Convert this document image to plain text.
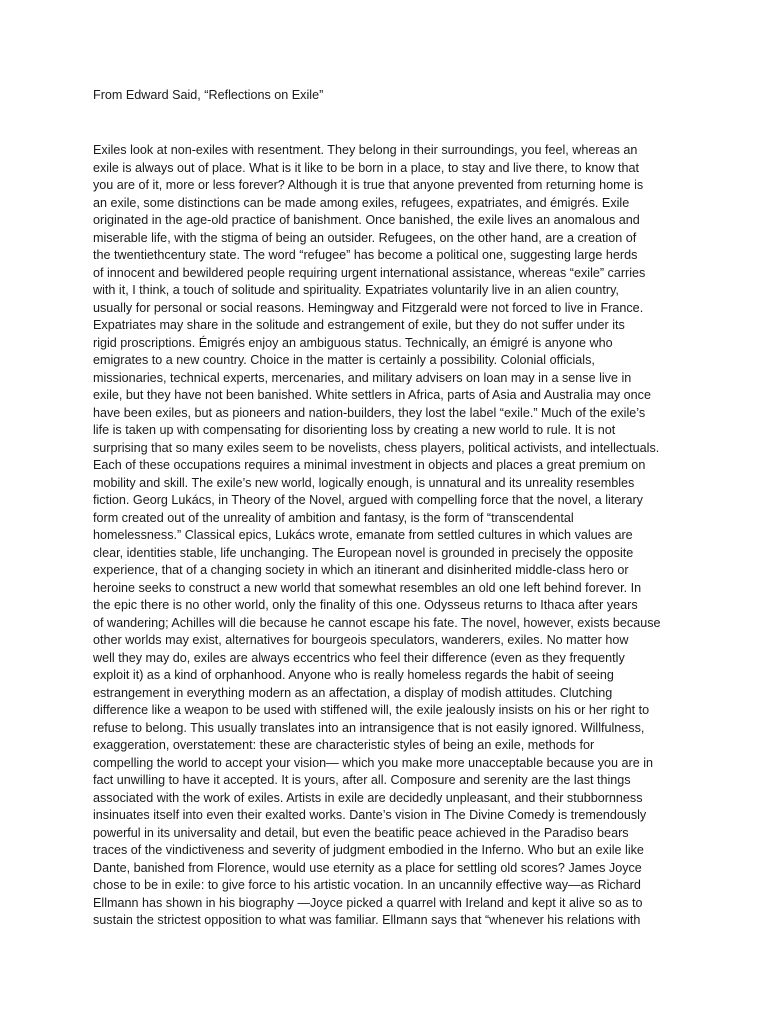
From Edward Said, “Reflections on Exile”

Exiles look at non-exiles with resentment. They belong in their surroundings, you feel, whereas an
exile is always out of place. What is it like to be born in a place, to stay and live there, to know that
you are of it, more or less forever? Although it is true that anyone prevented from returning home is
an exile, some distinctions can be made among exiles, refugees, expatriates, and émigrés. Exile
originated in the age-old practice of banishment. Once banished, the exile lives an anomalous and
miserable life, with the stigma of being an outsider. Refugees, on the other hand, are a creation of
the twentiethcentury state. The word “refugee” has become a political one, suggesting large herds
of innocent and bewildered people requiring urgent international assistance, whereas “exile” carries
with it, I think, a touch of solitude and spirituality. Expatriates voluntarily live in an alien country,
usually for personal or social reasons. Hemingway and Fitzgerald were not forced to live in France.
Expatriates may share in the solitude and estrangement of exile, but they do not suffer under its
rigid proscriptions. Émigrés enjoy an ambiguous status. Technically, an émigré is anyone who
emigrates to a new country. Choice in the matter is certainly a possibility. Colonial officials,
missionaries, technical experts, mercenaries, and military advisers on loan may in a sense live in
exile, but they have not been banished. White settlers in Africa, parts of Asia and Australia may once
have been exiles, but as pioneers and nation-builders, they lost the label “exile.” Much of the exile’s
life is taken up with compensating for disorienting loss by creating a new world to rule. It is not
surprising that so many exiles seem to be novelists, chess players, political activists, and intellectuals.
Each of these occupations requires a minimal investment in objects and places a great premium on
mobility and skill. The exile’s new world, logically enough, is unnatural and its unreality resembles
fiction. Georg Lukács, in Theory of the Novel, argued with compelling force that the novel, a literary
form created out of the unreality of ambition and fantasy, is the form of “transcendental
homelessness.” Classical epics, Lukács wrote, emanate from settled cultures in which values are
clear, identities stable, life unchanging. The European novel is grounded in precisely the opposite
experience, that of a changing society in which an itinerant and disinherited middle-class hero or
heroine seeks to construct a new world that somewhat resembles an old one left behind forever. In
the epic there is no other world, only the finality of this one. Odysseus returns to Ithaca after years
of wandering; Achilles will die because he cannot escape his fate. The novel, however, exists because
other worlds may exist, alternatives for bourgeois speculators, wanderers, exiles. No matter how
well they may do, exiles are always eccentrics who feel their difference (even as they frequently
exploit it) as a kind of orphanhood. Anyone who is really homeless regards the habit of seeing
estrangement in everything modern as an affectation, a display of modish attitudes. Clutching
difference like a weapon to be used with stiffened will, the exile jealously insists on his or her right to
refuse to belong. This usually translates into an intransigence that is not easily ignored. Willfulness,
exaggeration, overstatement: these are characteristic styles of being an exile, methods for
compelling the world to accept your vision— which you make more unacceptable because you are in
fact unwilling to have it accepted. It is yours, after all. Composure and serenity are the last things
associated with the work of exiles. Artists in exile are decidedly unpleasant, and their stubbornness
insinuates itself into even their exalted works. Dante’s vision in The Divine Comedy is tremendously
powerful in its universality and detail, but even the beatific peace achieved in the Paradiso bears
traces of the vindictiveness and severity of judgment embodied in the Inferno. Who but an exile like
Dante, banished from Florence, would use eternity as a place for settling old scores? James Joyce
chose to be in exile: to give force to his artistic vocation. In an uncannily effective way—as Richard
Ellmann has shown in his biography —Joyce picked a quarrel with Ireland and kept it alive so as to
sustain the strictest opposition to what was familiar. Ellmann says that “whenever his relations with
